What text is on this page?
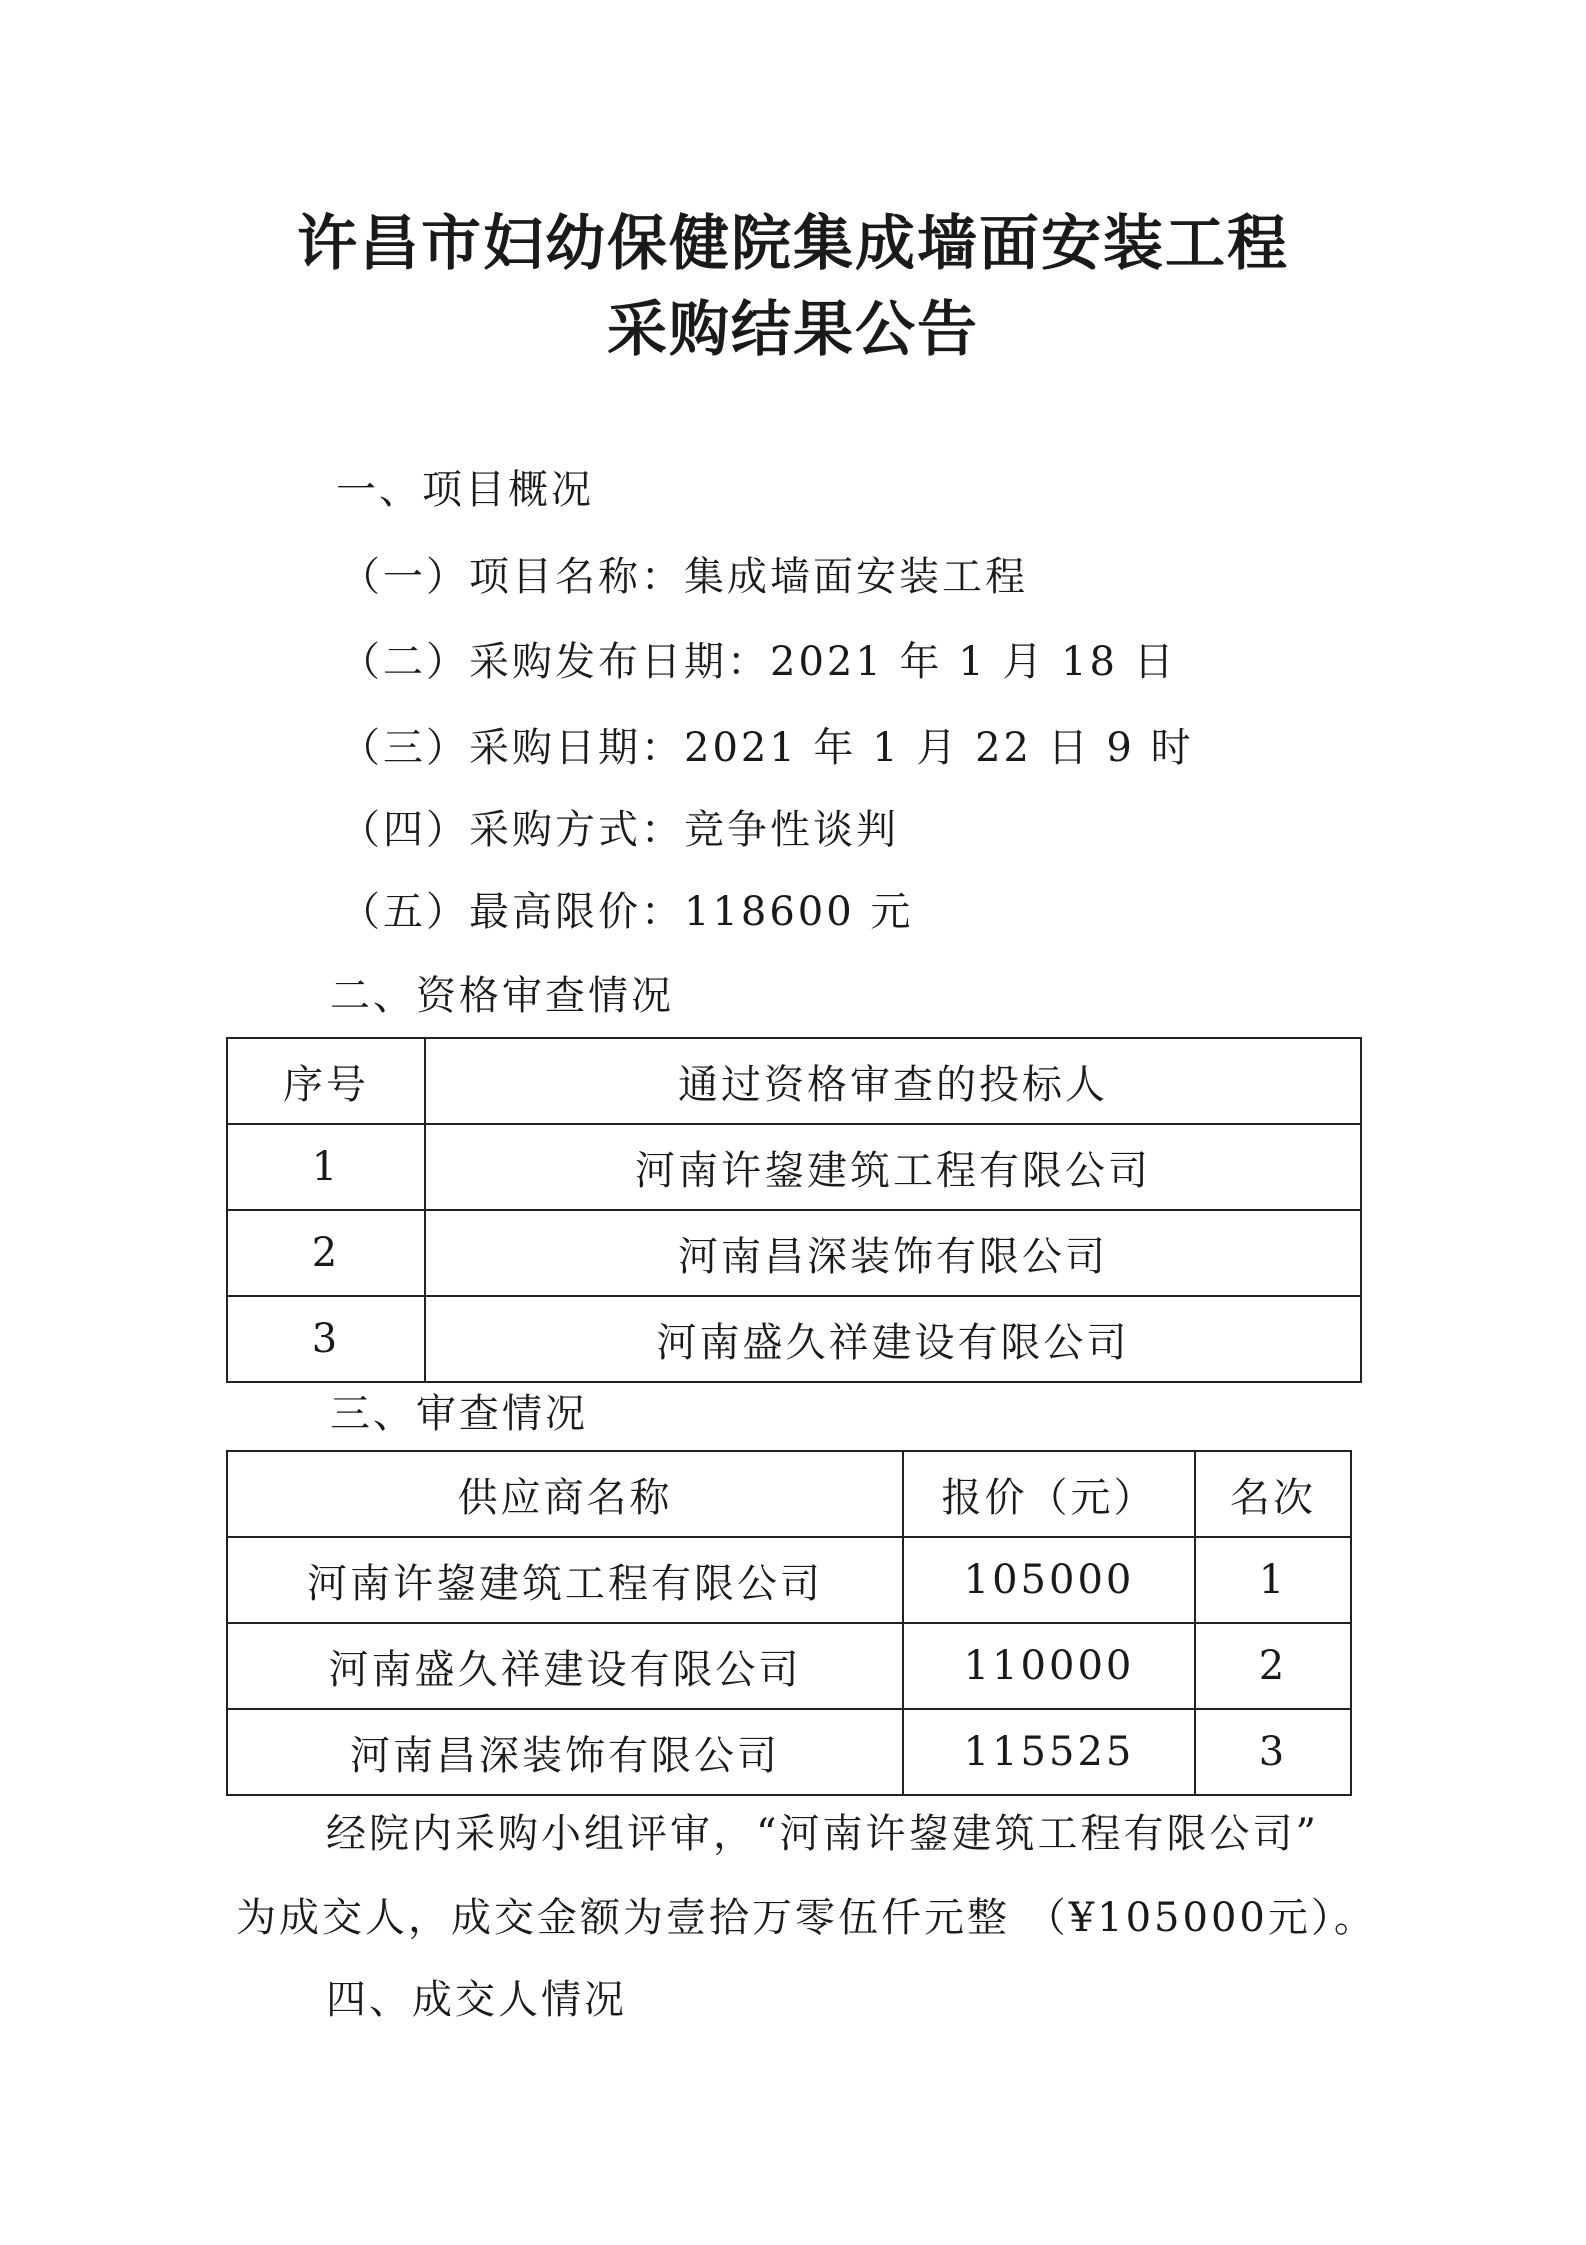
许昌市妇幼保健院集成墙面安装工程
采购结果公告
一、项目概况
（一）项目名称：集成墙面安装工程
（二）采购发布日期：2021 年 1 月 18 日
（三）采购日期：2021 年 1 月 22 日 9 时
（四）采购方式：竞争性谈判
（五）最高限价：118600 元
二、资格审查情况
序号	通过资格审查的投标人
1	河南许鋆建筑工程有限公司
2	河南昌深装饰有限公司
3	河南盛久祥建设有限公司
三、审查情况
供应商名称	报价（元）	名次
河南许鋆建筑工程有限公司	105000	1
河南盛久祥建设有限公司	110000	2
河南昌深装饰有限公司	115525	3
经院内采购小组评审，“河南许鋆建筑工程有限公司”
为成交人，成交金额为壹拾万零伍仟元整 （¥105000元）。
四、成交人情况
